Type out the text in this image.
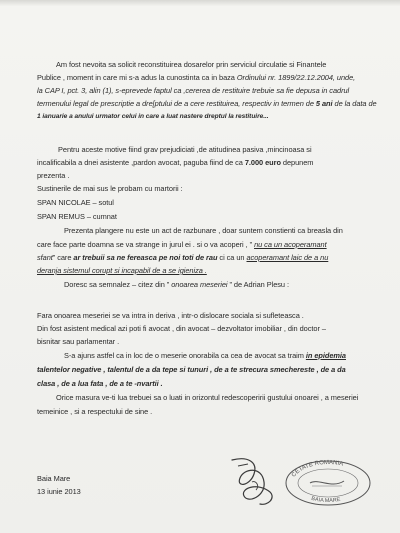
Am fost nevoita sa solicit reconstituirea dosarelor prin serviciul circulatie si Finantele
Publice , moment in care mi s-a adus la cunostinta ca in baza Ordinului nr. 1899/22.12.2004, unde,
la CAP I, pct. 3, alin (1), s-eprevede faptul ca ,cererea de restituire trebuie sa fie depusa in cadrul
termenului legal de prescriptie a dre[ptului de a cere restituirea, respectiv in termen de 5 ani de la data de
1 ianuarie a anului urmator celui in care a luat nastere dreptul la restituire...
Pentru aceste motive fiind grav prejudiciati ,de atitudinea pasiva ,mincinoasa si
incalificabila a dnei asistente ,pardon avocat, paguba fiind de ca 7.000 euro depunem
prezenta .
Sustinerile de mai sus le probam cu martorii :
SPAN NICOLAE – sotul
SPAN REMUS – cumnat
Prezenta plangere nu este un act de razbunare , doar suntem constienti ca breasla din
care face parte doamna se va strange in jurul ei . si o va acoperi , ” nu ca un acoperamant
sfant” care ar trebuii sa ne fereasca pe noi toti de rau ci ca un acoperamant laic de a nu
deranja sistemul corupt si incapabil de a se igieniza .
Doresc sa semnalez – citez din ” onoarea meseriei ” de Adrian Plesu :
Fara onoarea meseriei se va intra in deriva , intr-o dislocare sociala si sufleteasca .
Din fost asistent medical azi poti fi avocat , din avocat – dezvoltator imobiliar , din doctor –
bisnitar sau parlamentar .
S-a ajuns astfel ca in loc de o meserie onorabila ca cea de avocat sa traim in epidemia
talentelor negative , talentul de a da tepe si tunuri , de a te strecura smechereste , de a da
clasa , de a lua fata , de a te -nvartii .
Orice masura ve-ti lua trebuei sa o luati in orizontul redescoperirii gustului onoarei , a meseriei
temeinice , si a respectului de sine .
Baia Mare
13 iunie 2013
CETATE ROMANIA
BAIA MARE
